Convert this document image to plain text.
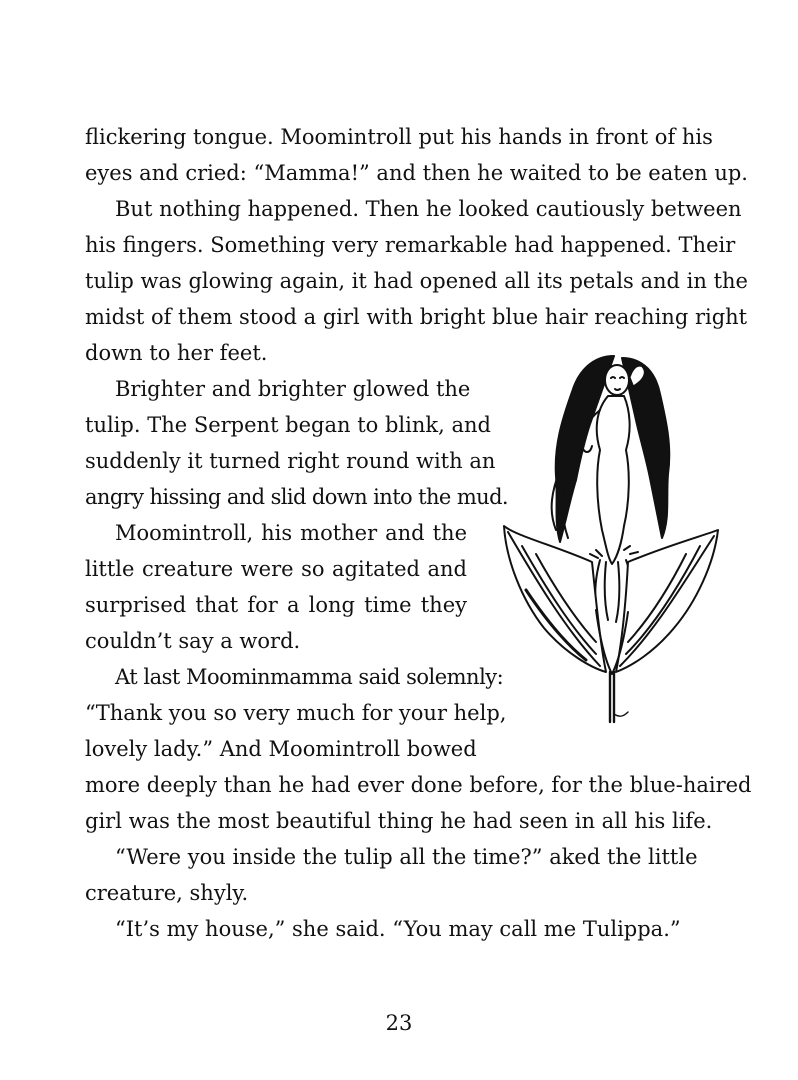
flickering tongue. Moomintroll put his hands in front of his
eyes and cried: “Mamma!” and then he waited to be eaten up.
But nothing happened. Then he looked cautiously between
his fingers. Something very remarkable had happened. Their
tulip was glowing again, it had opened all its petals and in the
midst of them stood a girl with bright blue hair reaching right
down to her feet.
Brighter and brighter glowed the
tulip. The Serpent began to blink, and
suddenly it turned right round with an
angry hissing and slid down into the mud.
Moomintroll, his mother and the
little creature were so agitated and
surprised that for a long time they
couldn’t say a word.
At last Moominmamma said solemnly:
“Thank you so very much for your help,
lovely lady.” And Moomintroll bowed
more deeply than he had ever done before, for the blue-haired
girl was the most beautiful thing he had seen in all his life.
“Were you inside the tulip all the time?” aked the little
creature, shyly.
“It’s my house,” she said. “You may call me Tulippa.”
23
